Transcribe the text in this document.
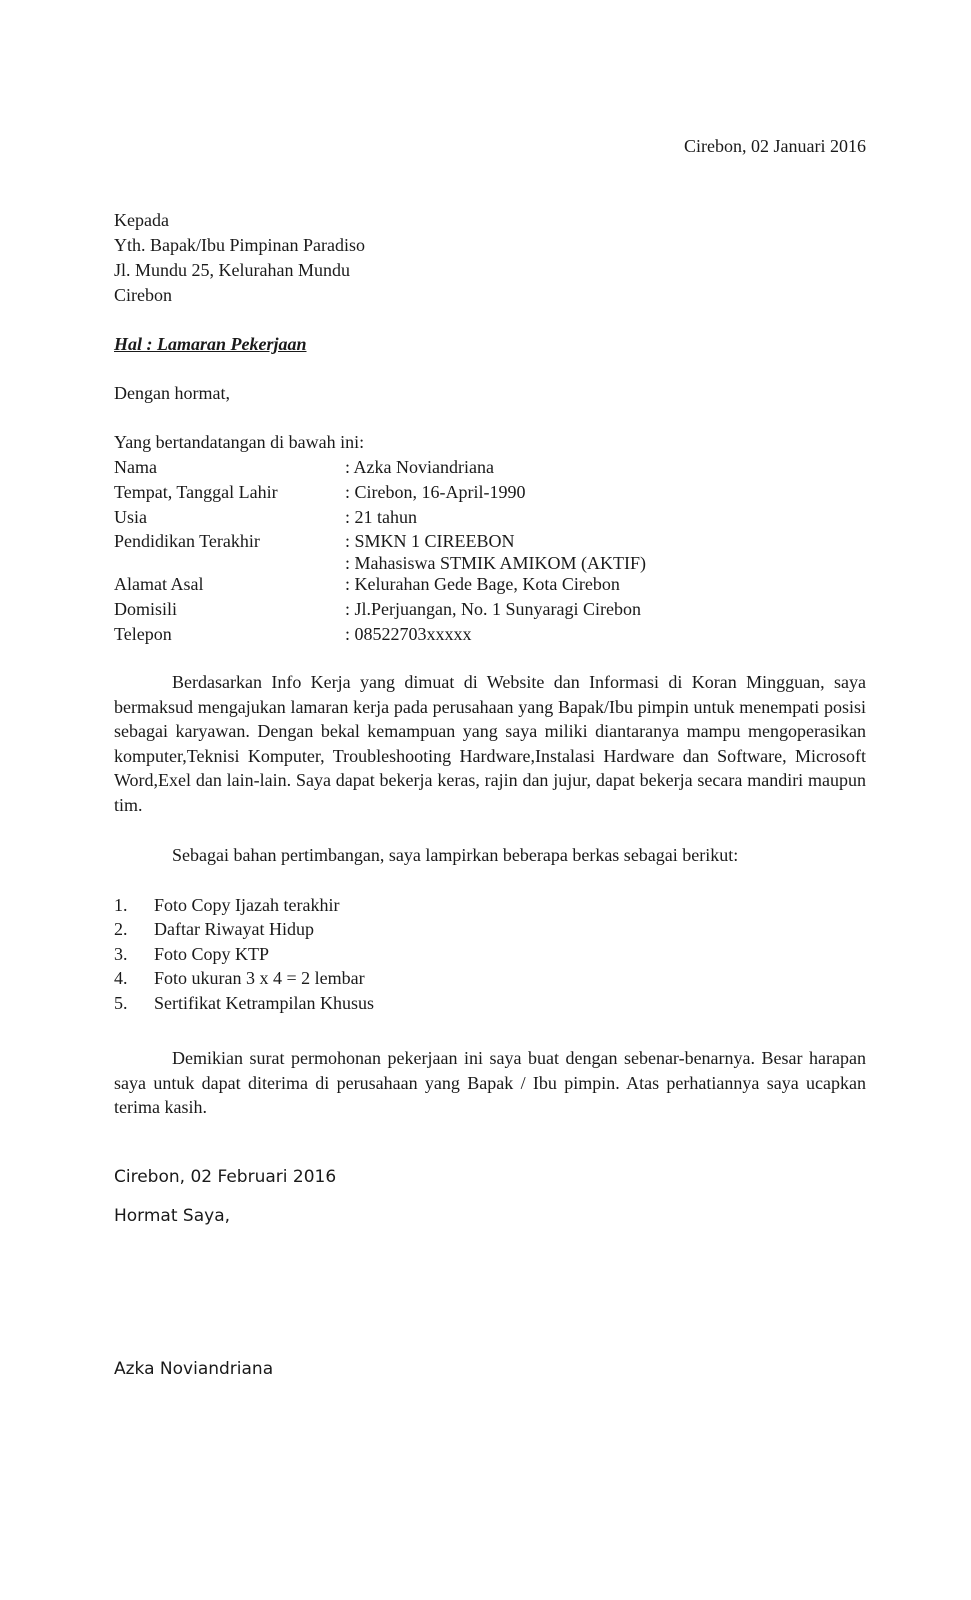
Cirebon, 02 Januari 2016
Kepada
Yth. Bapak/Ibu Pimpinan Paradiso
Jl. Mundu 25, Kelurahan Mundu
Cirebon
Hal : Lamaran Pekerjaan
Dengan hormat,
Yang bertandatangan di bawah ini:
Nama	: Azka Noviandriana
Tempat, Tanggal Lahir	: Cirebon, 16-April-1990
Usia	: 21 tahun
Pendidikan Terakhir	: SMKN 1 CIREEBON
: Mahasiswa STMIK AMIKOM (AKTIF)
Alamat Asal	: Kelurahan Gede Bage, Kota Cirebon
Domisili	: Jl.Perjuangan, No. 1 Sunyaragi Cirebon
Telepon	: 08522703xxxxx

Berdasarkan Info Kerja yang dimuat di Website dan Informasi di Koran Mingguan, saya bermaksud mengajukan lamaran kerja pada perusahaan yang Bapak/Ibu pimpin untuk menempati posisi sebagai karyawan. Dengan bekal kemampuan yang saya miliki diantaranya mampu mengoperasikan komputer,Teknisi Komputer, Troubleshooting Hardware,Instalasi Hardware dan Software, Microsoft Word,Exel dan lain-lain. Saya dapat bekerja keras, rajin dan jujur, dapat bekerja secara mandiri maupun tim.

Sebagai bahan pertimbangan, saya lampirkan beberapa berkas sebagai berikut:

1. Foto Copy Ijazah terakhir
2. Daftar Riwayat Hidup
3. Foto Copy KTP
4. Foto ukuran 3 x 4 = 2 lembar
5. Sertifikat Ketrampilan Khusus

Demikian surat permohonan pekerjaan ini saya buat dengan sebenar-benarnya. Besar harapan saya untuk dapat diterima di perusahaan yang Bapak / Ibu pimpin. Atas perhatiannya saya ucapkan terima kasih.

Cirebon, 02 Februari 2016
Hormat Saya,
Azka Noviandriana
